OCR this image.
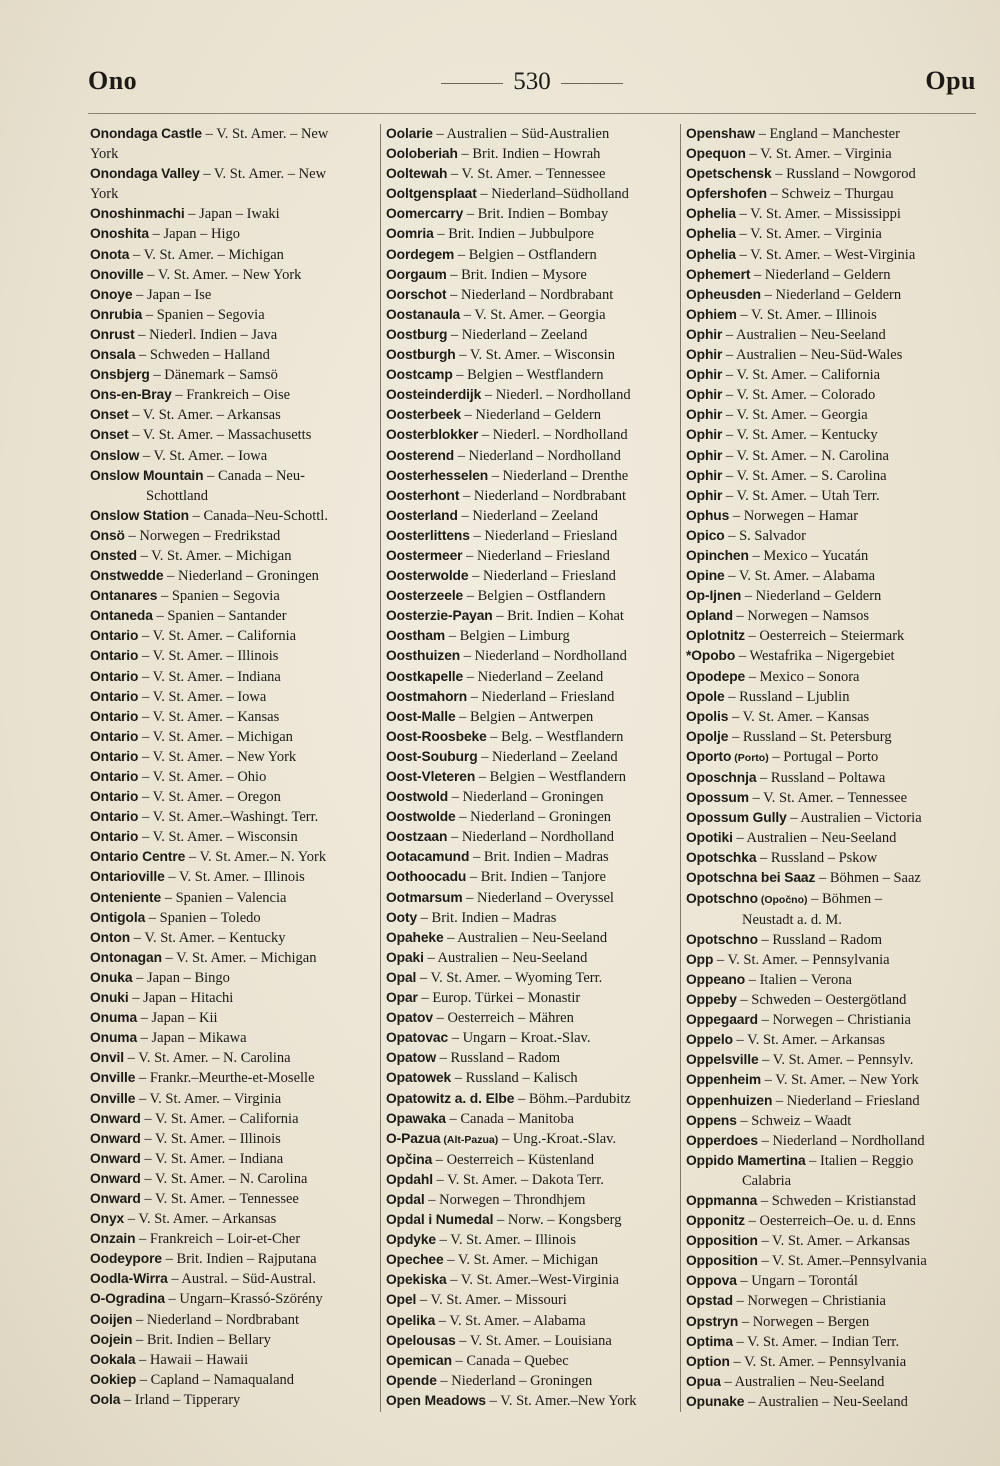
Ono	530	Opu
Onondaga Castle – V. St. Amer. – New
York
Onondaga Valley – V. St. Amer. – New
York
Onoshinmachi – Japan – Iwaki
Onoshita – Japan – Higo
Onota – V. St. Amer. – Michigan
Onoville – V. St. Amer. – New York
Onoye – Japan – Ise
Onrubia – Spanien – Segovia
Onrust – Niederl. Indien – Java
Onsala – Schweden – Halland
Onsbjerg – Dänemark – Samsö
Ons-en-Bray – Frankreich – Oise
Onset – V. St. Amer. – Arkansas
Onset – V. St. Amer. – Massachusetts
Onslow – V. St. Amer. – Iowa
Onslow Mountain – Canada – Neu-
Schottland
Onslow Station – Canada–Neu-Schottl.
Onsö – Norwegen – Fredrikstad
Onsted – V. St. Amer. – Michigan
Onstwedde – Niederland – Groningen
Ontanares – Spanien – Segovia
Ontaneda – Spanien – Santander
Ontario – V. St. Amer. – California
Ontario – V. St. Amer. – Illinois
Ontario – V. St. Amer. – Indiana
Ontario – V. St. Amer. – Iowa
Ontario – V. St. Amer. – Kansas
Ontario – V. St. Amer. – Michigan
Ontario – V. St. Amer. – New York
Ontario – V. St. Amer. – Ohio
Ontario – V. St. Amer. – Oregon
Ontario – V. St. Amer.–Washingt. Terr.
Ontario – V. St. Amer. – Wisconsin
Ontario Centre – V. St. Amer.– N. York
Ontarioville – V. St. Amer. – Illinois
Onteniente – Spanien – Valencia
Ontigola – Spanien – Toledo
Onton – V. St. Amer. – Kentucky
Ontonagan – V. St. Amer. – Michigan
Onuka – Japan – Bingo
Onuki – Japan – Hitachi
Onuma – Japan – Kii
Onuma – Japan – Mikawa
Onvil – V. St. Amer. – N. Carolina
Onville – Frankr.–Meurthe-et-Moselle
Onville – V. St. Amer. – Virginia
Onward – V. St. Amer. – California
Onward – V. St. Amer. – Illinois
Onward – V. St. Amer. – Indiana
Onward – V. St. Amer. – N. Carolina
Onward – V. St. Amer. – Tennessee
Onyx – V. St. Amer. – Arkansas
Onzain – Frankreich – Loir-et-Cher
Oodeypore – Brit. Indien – Rajputana
Oodla-Wirra – Austral. – Süd-Austral.
O-Ogradina – Ungarn–Krassó-Szörény
Ooijen – Niederland – Nordbrabant
Oojein – Brit. Indien – Bellary
Ookala – Hawaii – Hawaii
Ookiep – Capland – Namaqualand
Oola – Irland – Tipperary
Oolarie – Australien – Süd-Australien
Ooloberiah – Brit. Indien – Howrah
Ooltewah – V. St. Amer. – Tennessee
Ooltgensplaat – Niederland–Südholland
Oomercarry – Brit. Indien – Bombay
Oomria – Brit. Indien – Jubbulpore
Oordegem – Belgien – Ostflandern
Oorgaum – Brit. Indien – Mysore
Oorschot – Niederland – Nordbrabant
Oostanaula – V. St. Amer. – Georgia
Oostburg – Niederland – Zeeland
Oostburgh – V. St. Amer. – Wisconsin
Oostcamp – Belgien – Westflandern
Oosteinderdijk – Niederl. – Nordholland
Oosterbeek – Niederland – Geldern
Oosterblokker – Niederl. – Nordholland
Oosterend – Niederland – Nordholland
Oosterhesselen – Niederland – Drenthe
Oosterhont – Niederland – Nordbrabant
Oosterland – Niederland – Zeeland
Oosterlittens – Niederland – Friesland
Oostermeer – Niederland – Friesland
Oosterwolde – Niederland – Friesland
Oosterzeele – Belgien – Ostflandern
Oosterzie-Payan – Brit. Indien – Kohat
Oostham – Belgien – Limburg
Oosthuizen – Niederland – Nordholland
Oostkapelle – Niederland – Zeeland
Oostmahorn – Niederland – Friesland
Oost-Malle – Belgien – Antwerpen
Oost-Roosbeke – Belg. – Westflandern
Oost-Souburg – Niederland – Zeeland
Oost-Vleteren – Belgien – Westflandern
Oostwold – Niederland – Groningen
Oostwolde – Niederland – Groningen
Oostzaan – Niederland – Nordholland
Ootacamund – Brit. Indien – Madras
Oothoocadu – Brit. Indien – Tanjore
Ootmarsum – Niederland – Overyssel
Ooty – Brit. Indien – Madras
Opaheke – Australien – Neu-Seeland
Opaki – Australien – Neu-Seeland
Opal – V. St. Amer. – Wyoming Terr.
Opar – Europ. Türkei – Monastir
Opatov – Oesterreich – Mähren
Opatovac – Ungarn – Kroat.-Slav.
Opatow – Russland – Radom
Opatowek – Russland – Kalisch
Opatowitz a. d. Elbe – Böhm.–Pardubitz
Opawaka – Canada – Manitoba
O-Pazua (Alt-Pazua) – Ung.-Kroat.-Slav.
Opčina – Oesterreich – Küstenland
Opdahl – V. St. Amer. – Dakota Terr.
Opdal – Norwegen – Throndhjem
Opdal i Numedal – Norw. – Kongsberg
Opdyke – V. St. Amer. – Illinois
Opechee – V. St. Amer. – Michigan
Opekiska – V. St. Amer.–West-Virginia
Opel – V. St. Amer. – Missouri
Opelika – V. St. Amer. – Alabama
Opelousas – V. St. Amer. – Louisiana
Opemican – Canada – Quebec
Opende – Niederland – Groningen
Open Meadows – V. St. Amer.–New York
Openshaw – England – Manchester
Opequon – V. St. Amer. – Virginia
Opetschensk – Russland – Nowgorod
Opfershofen – Schweiz – Thurgau
Ophelia – V. St. Amer. – Mississippi
Ophelia – V. St. Amer. – Virginia
Ophelia – V. St. Amer. – West-Virginia
Ophemert – Niederland – Geldern
Opheusden – Niederland – Geldern
Ophiem – V. St. Amer. – Illinois
Ophir – Australien – Neu-Seeland
Ophir – Australien – Neu-Süd-Wales
Ophir – V. St. Amer. – California
Ophir – V. St. Amer. – Colorado
Ophir – V. St. Amer. – Georgia
Ophir – V. St. Amer. – Kentucky
Ophir – V. St. Amer. – N. Carolina
Ophir – V. St. Amer. – S. Carolina
Ophir – V. St. Amer. – Utah Terr.
Ophus – Norwegen – Hamar
Opico – S. Salvador
Opinchen – Mexico – Yucatán
Opine – V. St. Amer. – Alabama
Op-Ijnen – Niederland – Geldern
Opland – Norwegen – Namsos
Oplotnitz – Oesterreich – Steiermark
*Opobo – Westafrika – Nigergebiet
Opodepe – Mexico – Sonora
Opole – Russland – Ljublin
Opolis – V. St. Amer. – Kansas
Opolje – Russland – St. Petersburg
Oporto (Porto) – Portugal – Porto
Oposchnja – Russland – Poltawa
Opossum – V. St. Amer. – Tennessee
Opossum Gully – Australien – Victoria
Opotiki – Australien – Neu-Seeland
Opotschka – Russland – Pskow
Opotschna bei Saaz – Böhmen – Saaz
Opotschno (Opočno) – Böhmen –
Neustadt a. d. M.
Opotschno – Russland – Radom
Opp – V. St. Amer. – Pennsylvania
Oppeano – Italien – Verona
Oppeby – Schweden – Oestergötland
Oppegaard – Norwegen – Christiania
Oppelo – V. St. Amer. – Arkansas
Oppelsville – V. St. Amer. – Pennsylv.
Oppenheim – V. St. Amer. – New York
Oppenhuizen – Niederland – Friesland
Oppens – Schweiz – Waadt
Opperdoes – Niederland – Nordholland
Oppido Mamertina – Italien – Reggio
Calabria
Oppmanna – Schweden – Kristianstad
Opponitz – Oesterreich–Oe. u. d. Enns
Opposition – V. St. Amer. – Arkansas
Opposition – V. St. Amer.–Pennsylvania
Oppova – Ungarn – Torontál
Opstad – Norwegen – Christiania
Opstryn – Norwegen – Bergen
Optima – V. St. Amer. – Indian Terr.
Option – V. St. Amer. – Pennsylvania
Opua – Australien – Neu-Seeland
Opunake – Australien – Neu-Seeland
